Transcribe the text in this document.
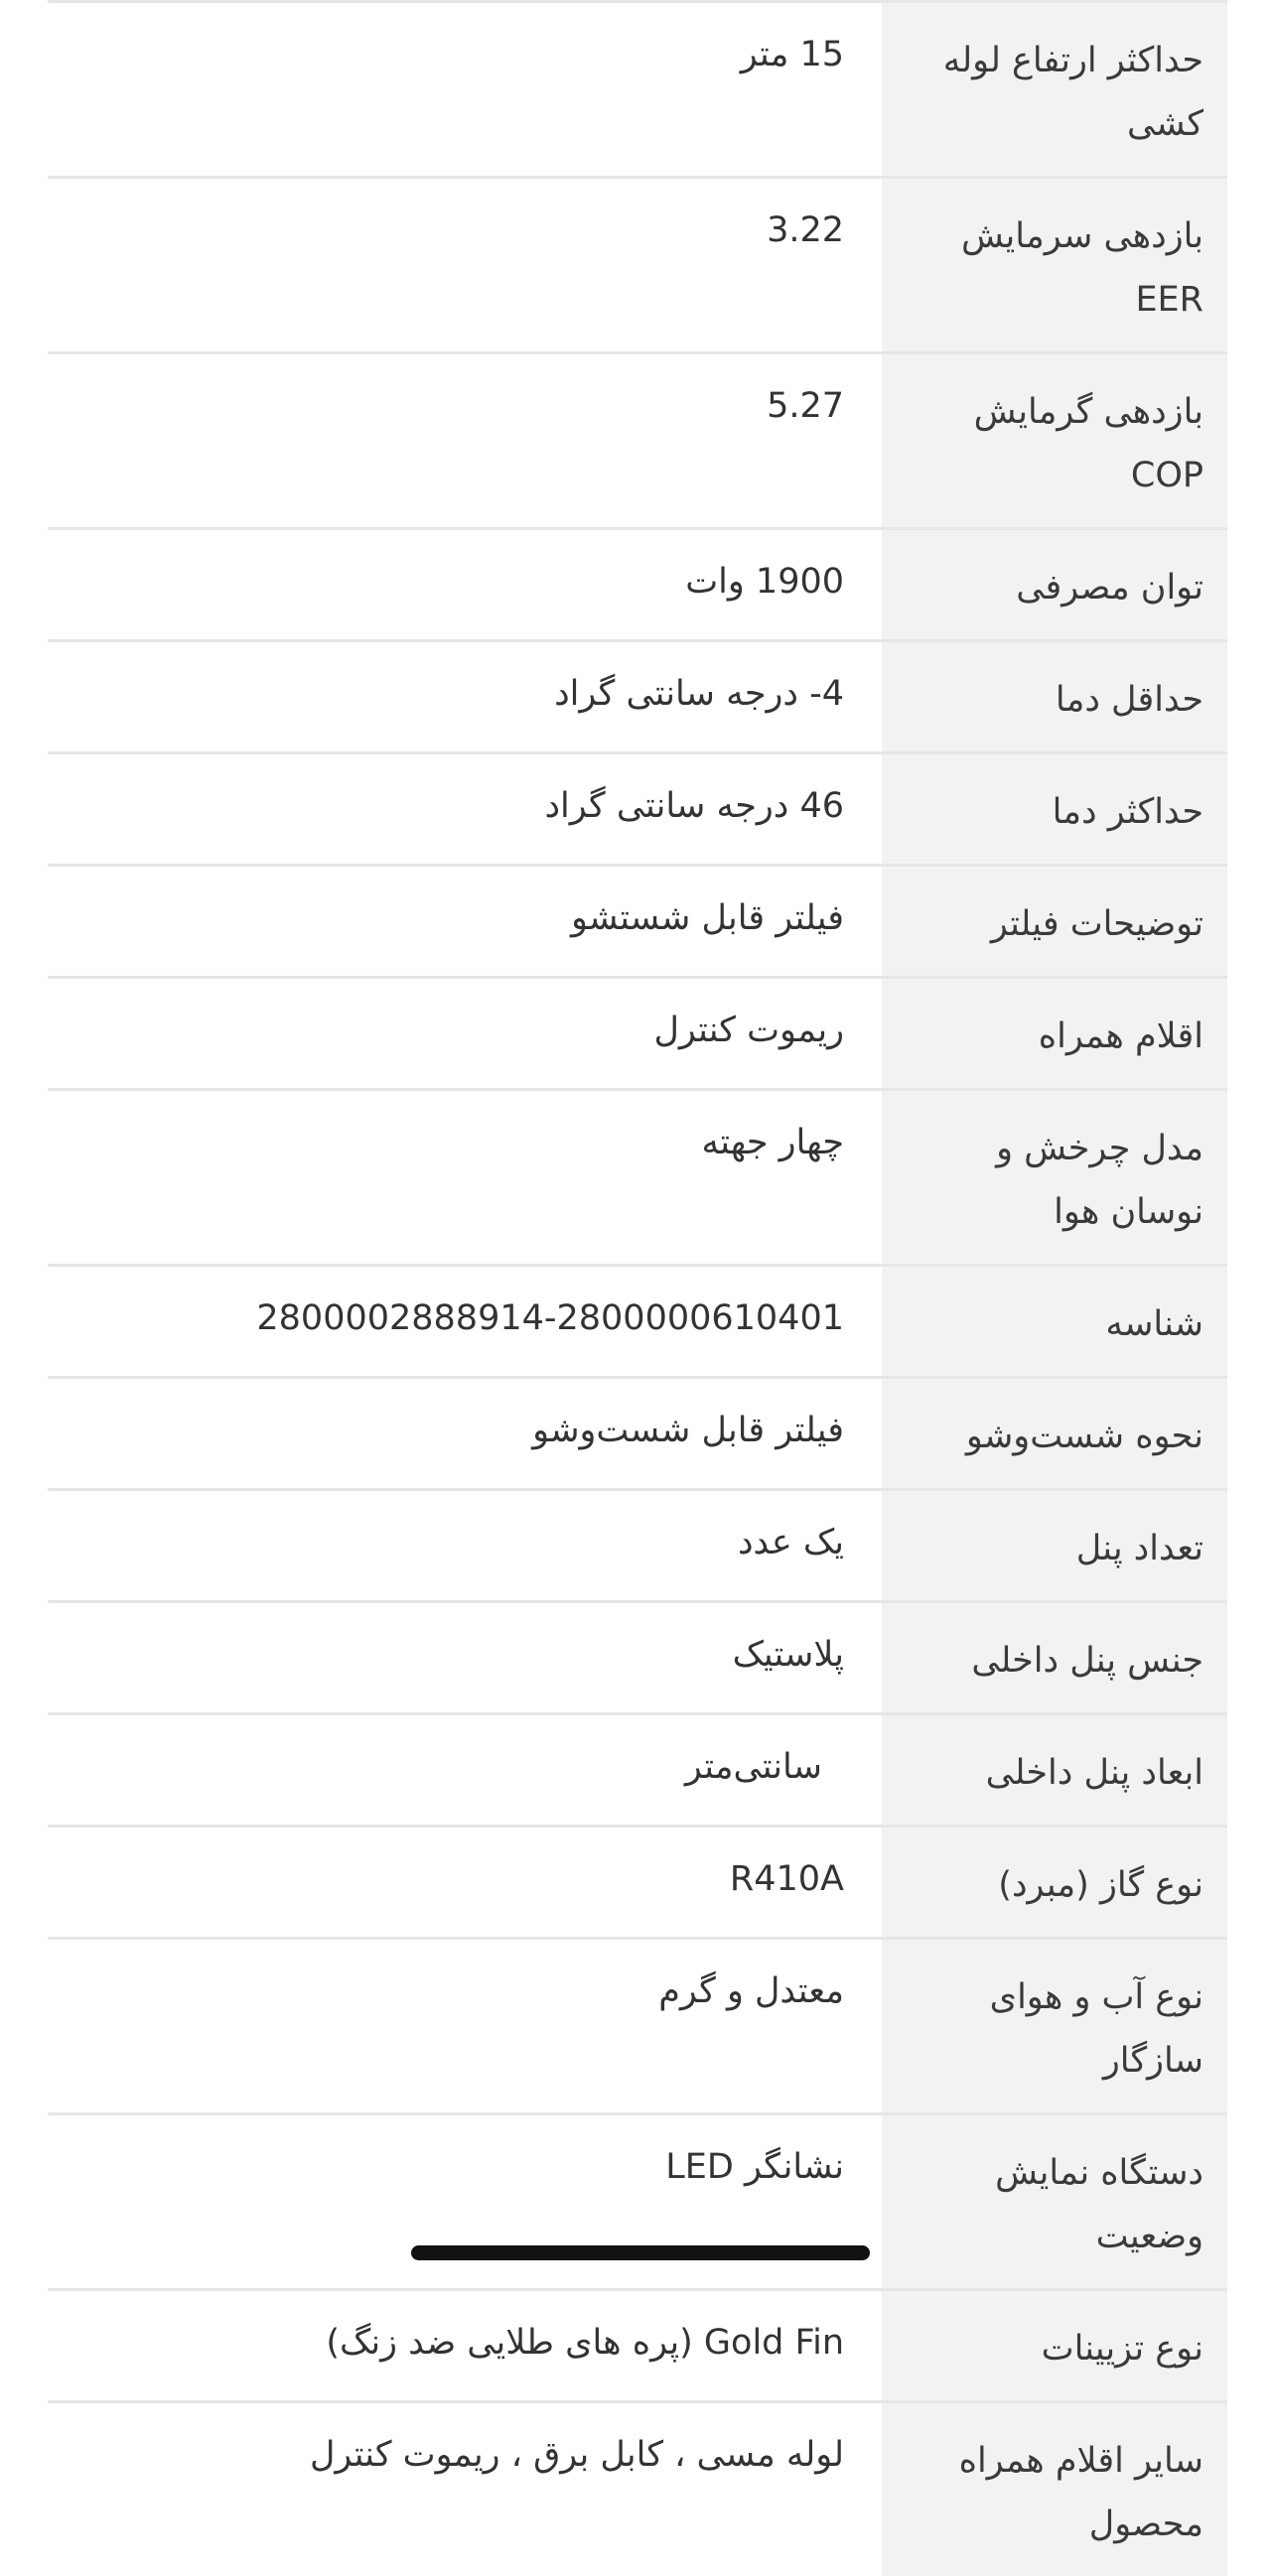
حداکثر ارتفاع لوله کشی
15 متر
بازدهی سرمایش EER
3.22
بازدهی گرمایش COP
5.27
توان مصرفی
1900 وات
حداقل دما
4- درجه سانتی گراد
حداکثر دما
46 درجه سانتی گراد
توضیحات فیلتر
فیلتر قابل شستشو
اقلام همراه
ریموت کنترل
مدل چرخش و نوسان هوا
چهار جهته
شناسه
2800002888914-2800000610401
نحوه شست‌وشو
فیلتر قابل شست‌وشو
تعداد پنل
یک عدد
جنس پنل داخلی
پلاستیک
ابعاد پنل داخلی
سانتی‌متر
نوع گاز (مبرد)
R410A
نوع آب و هوای سازگار
معتدل و گرم
دستگاه نمایش وضعیت
نشانگر LED
نوع تزیینات
Gold Fin (پره های طلایی ضد زنگ)
سایر اقلام همراه محصول
لوله مسی ، کابل برق ، ریموت کنترل
